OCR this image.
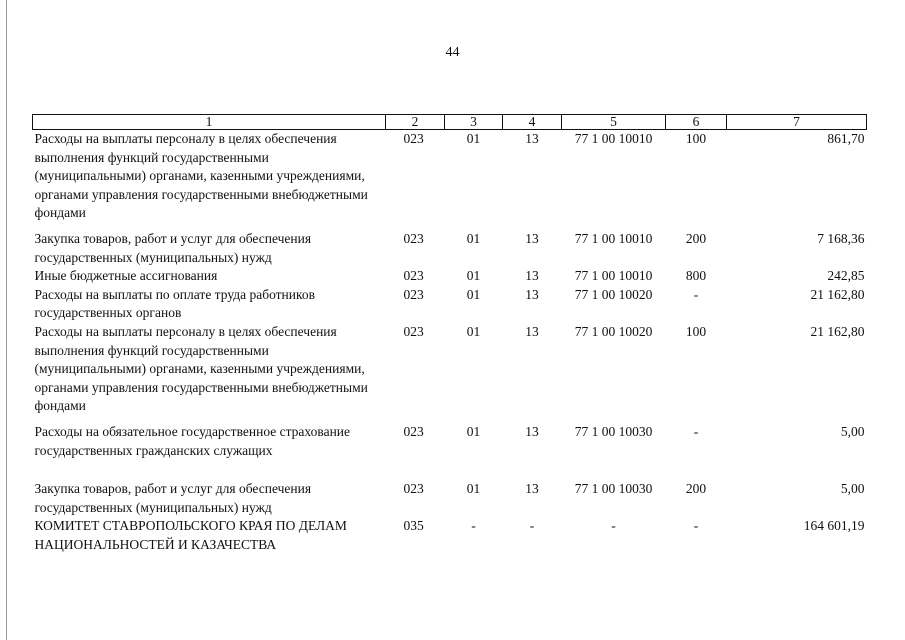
44
1	2	3	4	5	6	7
Расходы на выплаты персоналу в целях обеспечения выполнения функций государственными (муниципальными) органами, казенными учреждениями, органами управления государственными внебюджетными фондами	023	01	13	77 1 00 10010	100	861,70
Закупка товаров, работ и услуг для обеспечения государственных (муниципальных) нужд	023	01	13	77 1 00 10010	200	7 168,36
Иные бюджетные ассигнования	023	01	13	77 1 00 10010	800	242,85
Расходы на выплаты по оплате труда работников государственных органов	023	01	13	77 1 00 10020	-	21 162,80
Расходы на выплаты персоналу в целях обеспечения выполнения функций государственными (муниципальными) органами, казенными учреждениями, органами управления государственными внебюджетными фондами	023	01	13	77 1 00 10020	100	21 162,80
Расходы на обязательное государственное страхование государственных гражданских служащих	023	01	13	77 1 00 10030	-	5,00
Закупка товаров, работ и услуг для обеспечения государственных (муниципальных) нужд	023	01	13	77 1 00 10030	200	5,00
КОМИТЕТ СТАВРОПОЛЬСКОГО КРАЯ ПО ДЕЛАМ НАЦИОНАЛЬНОСТЕЙ И КАЗАЧЕСТВА	035	-	-	-	-	164 601,19
